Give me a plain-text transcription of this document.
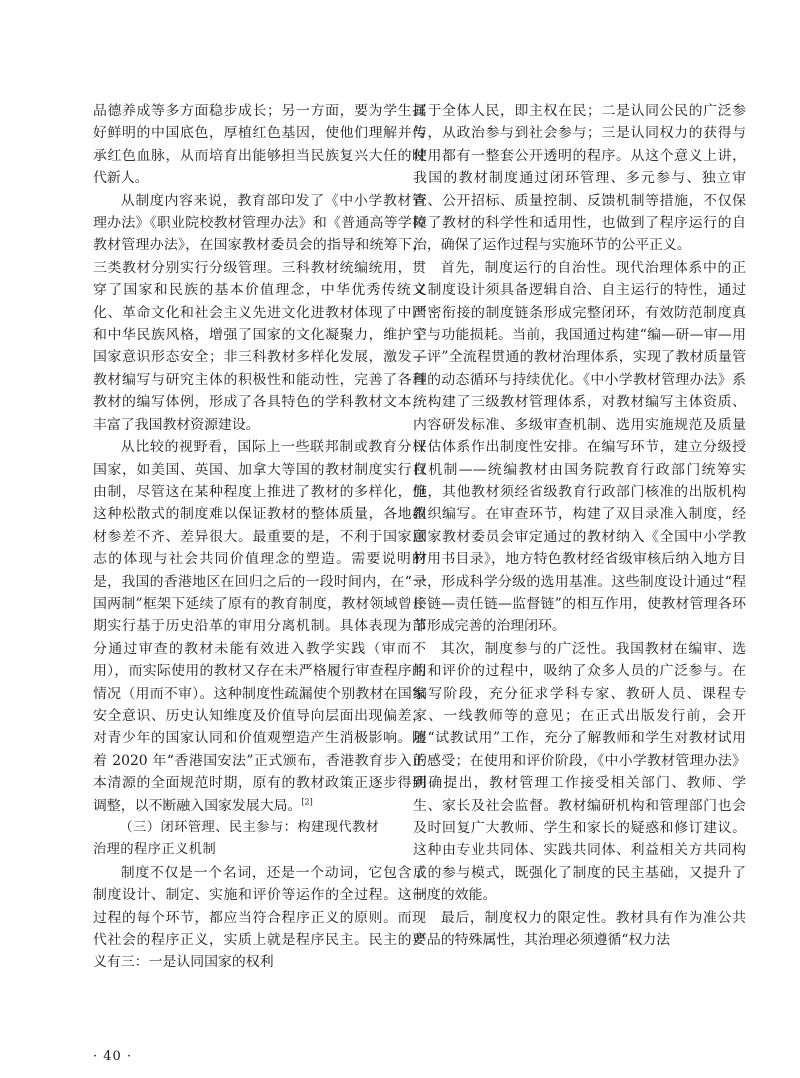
品德养成等多方面稳步成长；另一方面，要为学生打好鲜明的中国底色，厚植红色基因，使他们理解并传承红色血脉，从而培育出能够担当民族复兴大任的时代新人。

从制度内容来说，教育部印发了《中小学教材管理办法》《职业院校教材管理办法》和《普通高等学校教材管理办法》，在国家教材委员会的指导和统筹下，三类教材分别实行分级管理。三科教材统编统用，贯穿了国家和民族的基本价值理念，中华优秀传统文化、革命文化和社会主义先进文化进教材体现了中国和中华民族风格，增强了国家的文化凝聚力，维护了国家意识形态安全；非三科教材多样化发展，激发了教材编写与研究主体的积极性和能动性，完善了各科教材的编写体例，形成了各具特色的学科教材文本，丰富了我国教材资源建设。

从比较的视野看，国际上一些联邦制或教育分权国家，如美国、英国、加拿大等国的教材制度实行自由制，尽管这在某种程度上推进了教材的多样化，但这种松散式的制度难以保证教材的整体质量，各地教材参差不齐、差异很大。最重要的是，不利于国家意志的体现与社会共同价值理念的塑造。需要说明的是，我国的香港地区在回归之后的一段时间内，在“一国两制”框架下延续了原有的教育制度，教材领域曾长期实行基于历史沿革的审用分离机制。具体表现为部分通过审查的教材未能有效进入教学实践（审而不用），而实际使用的教材又存在未严格履行审查程序的情况（用而不审）。这种制度性疏漏使个别教材在国家安全意识、历史认知维度及价值导向层面出现偏差，对青少年的国家认同和价值观塑造产生消极影响。随着 2020 年“香港国安法”正式颁布，香港教育步入正本清源的全面规范时期，原有的教材政策正逐步得到调整，以不断融入国家发展大局。[2]

（三）闭环管理、民主参与：构建现代教材

治理的程序正义机制

制度不仅是一个名词，还是一个动词，它包含了制度设计、制定、实施和评价等运作的全过程。这一过程的每个环节，都应当符合程序正义的原则。而现代社会的程序正义，实质上就是程序民主。民主的要义有三：一是认同国家的权利

属于全体人民，即主权在民；二是认同公民的广泛参与，从政治参与到社会参与；三是认同权力的获得与使用都有一整套公开透明的程序。从这个意义上讲，我国的教材制度通过闭环管理、多元参与、独立审查、公开招标、质量控制、反馈机制等措施，不仅保障了教材的科学性和适用性，也做到了程序运行的自治，确保了运作过程与实施环节的公平正义。

首先，制度运行的自治性。现代治理体系中的正义制度设计须具备逻辑自洽、自主运行的特性，通过严密衔接的制度链条形成完整闭环，有效防范制度真空与功能损耗。当前，我国通过构建“编—研—审—用—评”全流程贯通的教材治理体系，实现了教材质量管理的动态循环与持续优化。《中小学教材管理办法》系统构建了三级教材管理体系，对教材编写主体资质、内容研发标准、多级审查机制、选用实施规范及质量评估体系作出制度性安排。在编写环节，建立分级授权机制——统编教材由国务院教育行政部门统筹实施，其他教材须经省级教育行政部门核准的出版机构组织编写。在审查环节，构建了双目录准入制度，经国家教材委员会审定通过的教材纳入《全国中小学教材用书目录》，地方特色教材经省级审核后纳入地方目录，形成科学分级的选用基准。这些制度设计通过“程序链—责任链—监督链”的相互作用，使教材管理各环节形成完善的治理闭环。

其次，制度参与的广泛性。我国教材在编审、选用和评价的过程中，吸纳了众多人员的广泛参与。在编写阶段，充分征求学科专家、教研人员、课程专家、一线教师等的意见；在正式出版发行前，会开展“试教试用”工作，充分了解教师和学生对教材试用的感受；在使用和评价阶段，《中小学教材管理办法》明确提出，教材管理工作接受相关部门、教师、学生、家长及社会监督。教材编研机构和管理部门也会及时回复广大教师、学生和家长的疑惑和修订建议。这种由专业共同体、实践共同体、利益相关方共同构成的参与模式，既强化了制度的民主基础，又提升了制度的效能。

最后，制度权力的限定性。教材具有作为准公共产品的特殊属性，其治理必须遵循“权力法

· 40 ·
